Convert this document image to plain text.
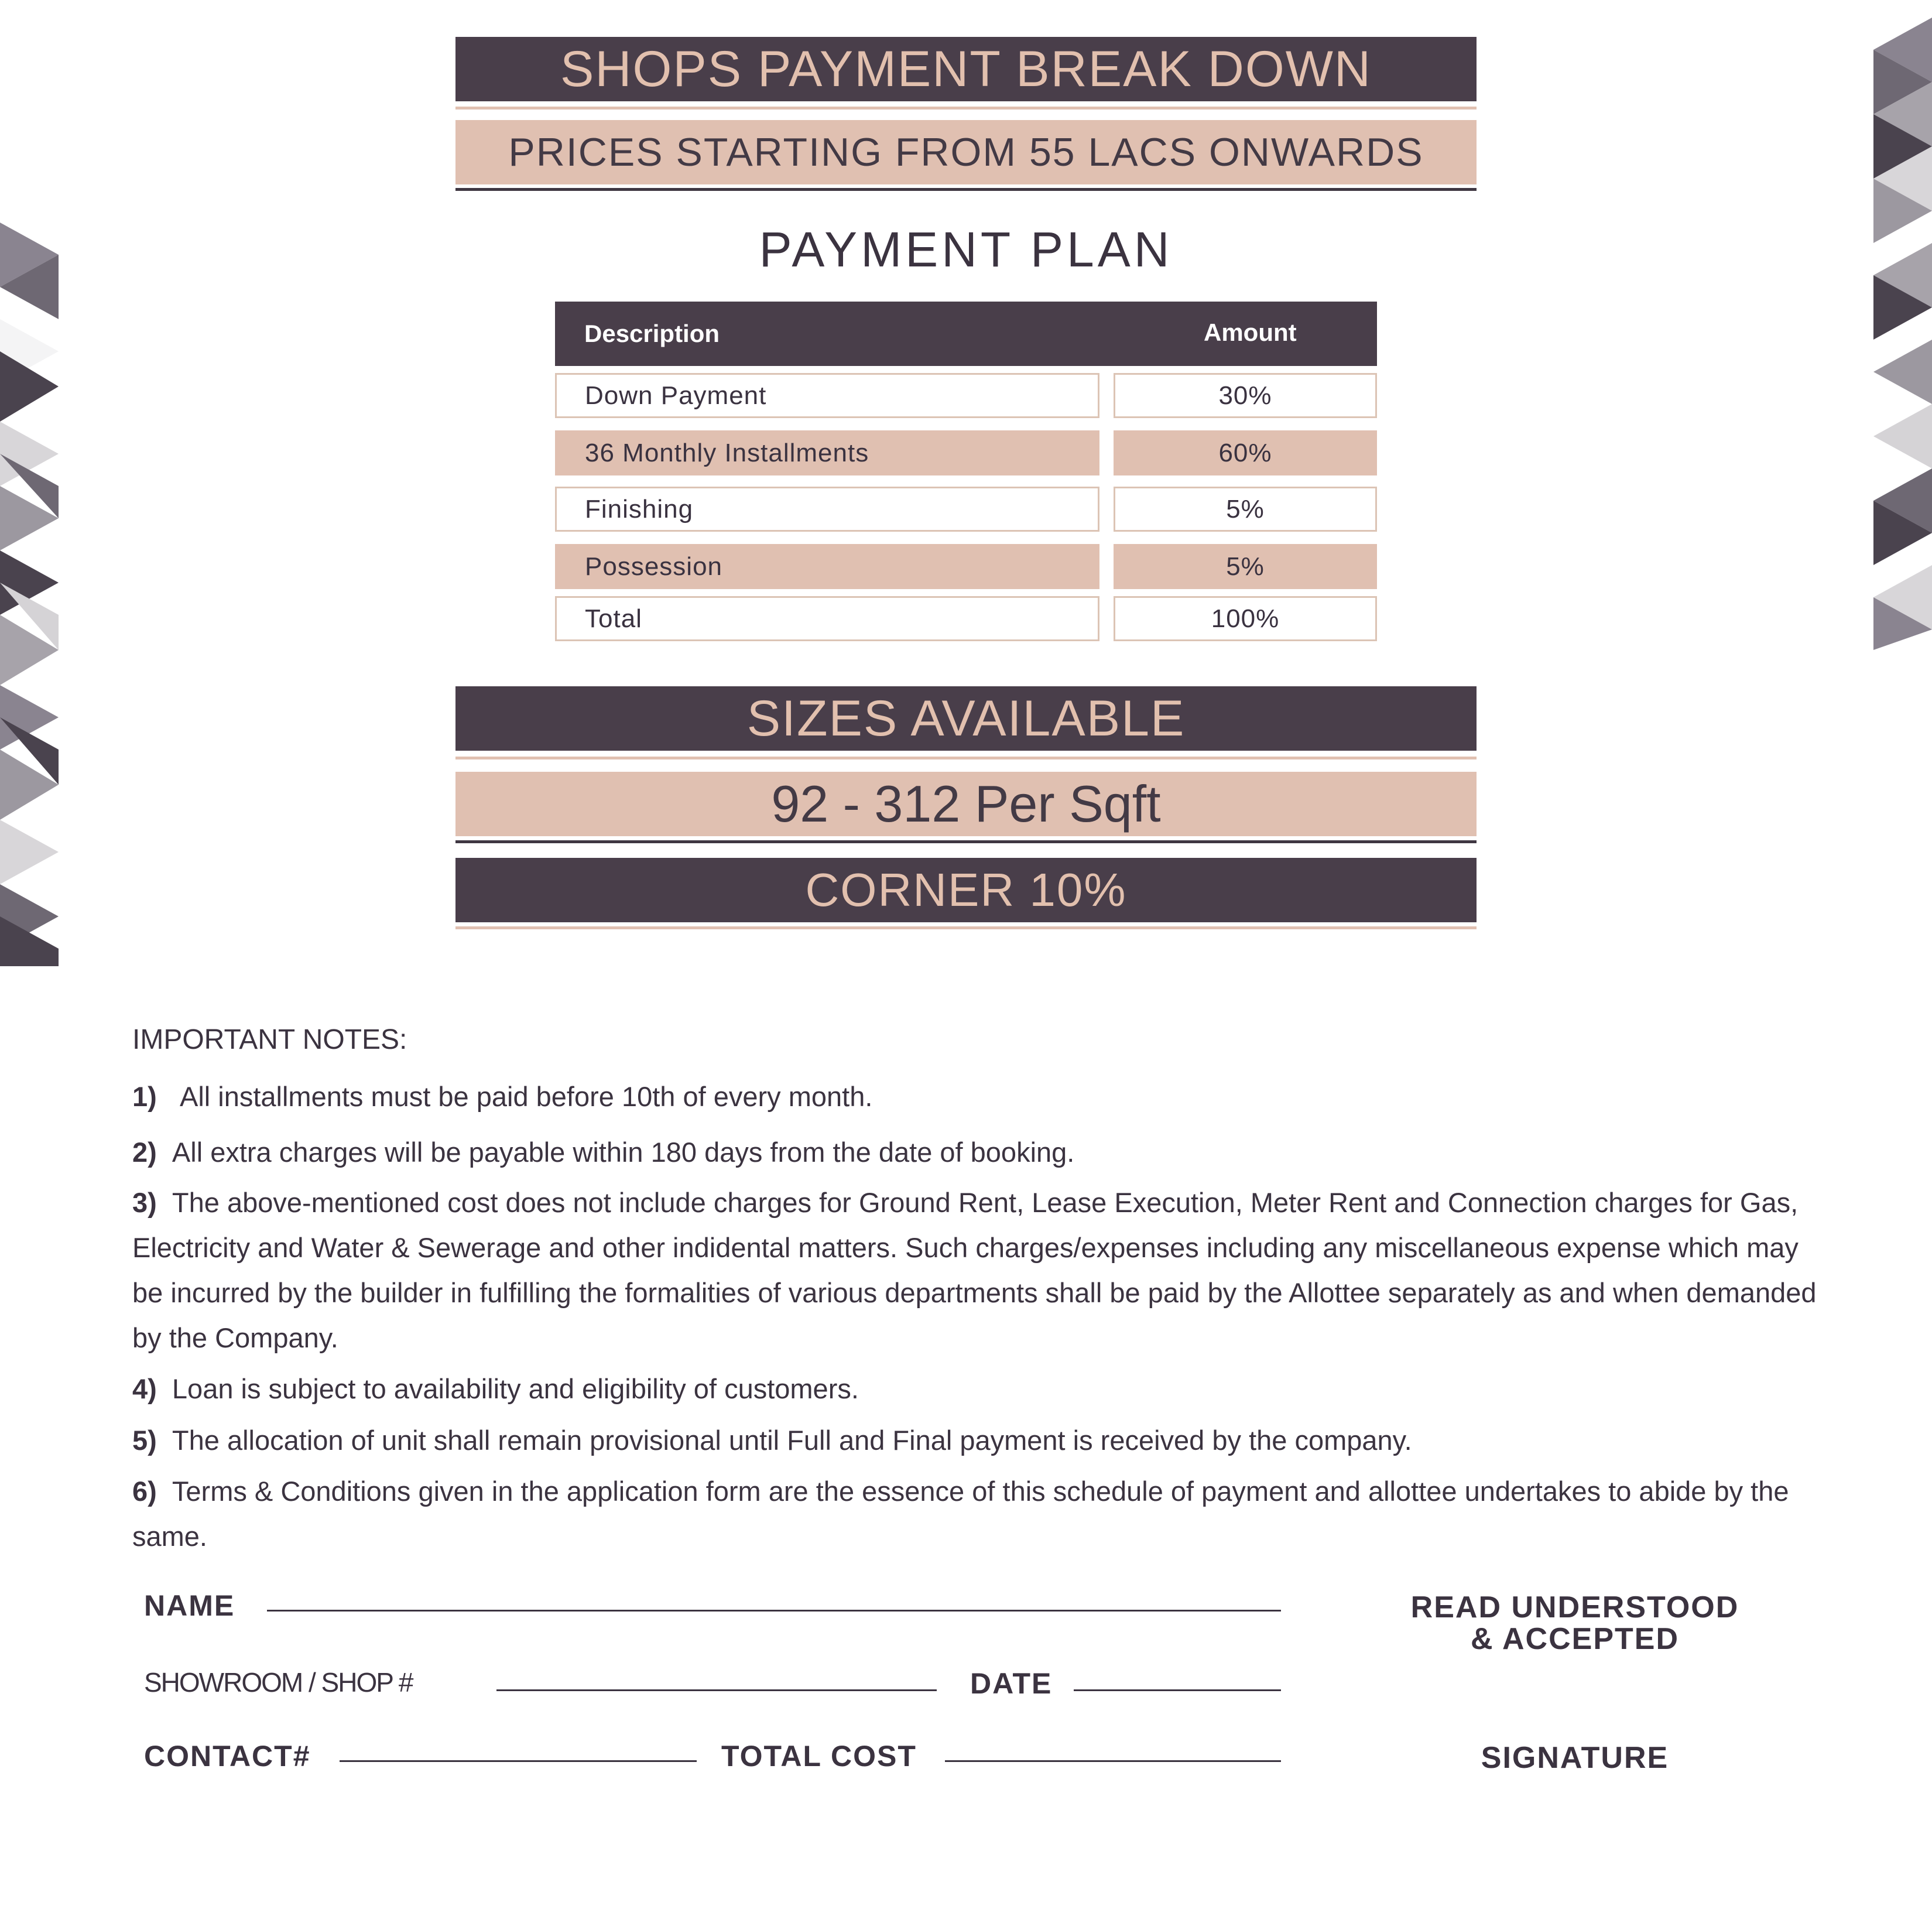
SHOPS PAYMENT BREAK DOWN
PRICES STARTING FROM 55 LACS ONWARDS
PAYMENT PLAN
Description	Amount
Down Payment	30%
36 Monthly Installments	60%
Finishing	5%
Possession	5%
Total	100%
SIZES AVAILABLE
92 - 312 Per Sqft
CORNER 10%
IMPORTANT NOTES:
1) All installments must be paid before 10th of every month.
2) All extra charges will be payable within 180 days from the date of booking.
3) The above-mentioned cost does not include charges for Ground Rent, Lease Execution, Meter Rent and Connection charges for Gas, Electricity and Water & Sewerage and other indidental matters. Such charges/expenses including any miscellaneous expense which may be incurred by the builder in fulfilling the formalities of various departments shall be paid by the Allottee separately as and when demanded by the Company.
4) Loan is subject to availability and eligibility of customers.
5) The allocation of unit shall remain provisional until Full and Final payment is received by the company.
6) Terms & Conditions given in the application form are the essence of this schedule of payment and allottee undertakes to abide by the same.
NAME
SHOWROOM / SHOP #	DATE
CONTACT#	TOTAL COST
READ UNDERSTOOD
& ACCEPTED
SIGNATURE
